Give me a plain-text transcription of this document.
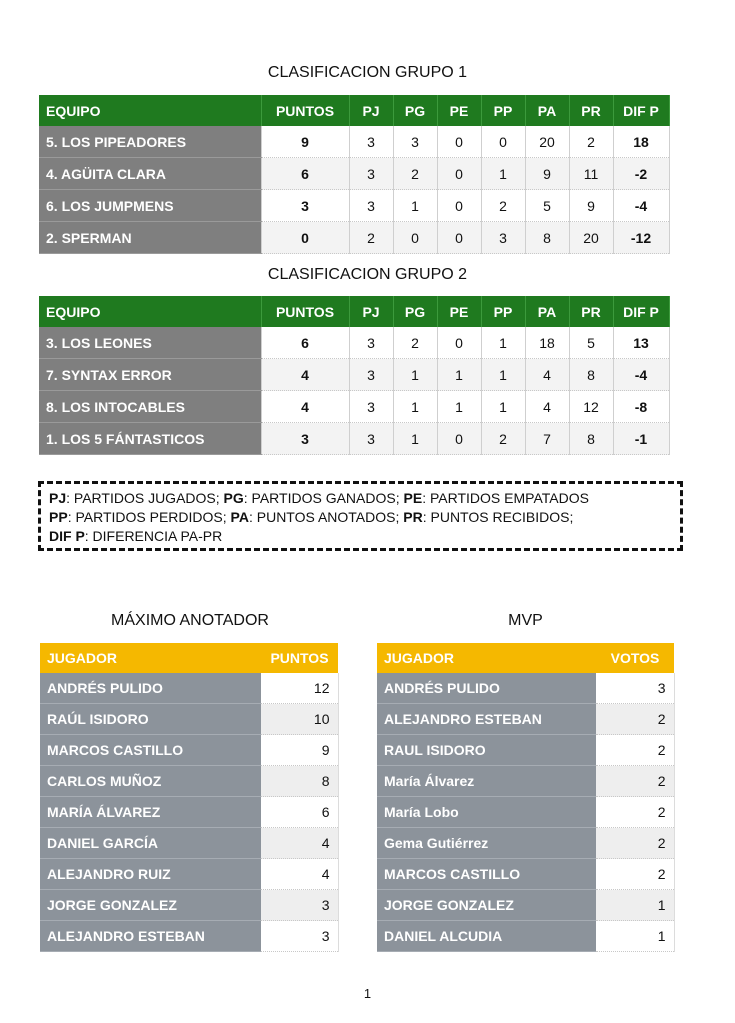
CLASIFICACION GRUPO 1
EQUIPO	PUNTOS	PJ	PG	PE	PP	PA	PR	DIF P
5. LOS PIPEADORES	9	3	3	0	0	20	2	18
4. AGÜITA CLARA	6	3	2	0	1	9	11	-2
6. LOS JUMPMENS	3	3	1	0	2	5	9	-4
2. SPERMAN	0	2	0	0	3	8	20	-12
CLASIFICACION GRUPO 2
EQUIPO	PUNTOS	PJ	PG	PE	PP	PA	PR	DIF P
3. LOS LEONES	6	3	2	0	1	18	5	13
7. SYNTAX ERROR	4	3	1	1	1	4	8	-4
8. LOS INTOCABLES	4	3	1	1	1	4	12	-8
1. LOS 5 FÁNTASTICOS	3	3	1	0	2	7	8	-1
PJ: PARTIDOS JUGADOS; PG: PARTIDOS GANADOS; PE: PARTIDOS EMPATADOS
PP: PARTIDOS PERDIDOS; PA: PUNTOS ANOTADOS; PR: PUNTOS RECIBIDOS;
DIF P: DIFERENCIA PA-PR
MÁXIMO ANOTADOR
JUGADOR	PUNTOS
ANDRÉS PULIDO	12
RAÚL ISIDORO	10
MARCOS CASTILLO	9
CARLOS MUÑOZ	8
MARÍA ÁLVAREZ	6
DANIEL GARCÍA	4
ALEJANDRO RUIZ	4
JORGE GONZALEZ	3
ALEJANDRO ESTEBAN	3
MVP
JUGADOR	VOTOS
ANDRÉS PULIDO	3
ALEJANDRO ESTEBAN	2
RAUL ISIDORO	2
María Álvarez	2
María Lobo	2
Gema Gutiérrez	2
MARCOS CASTILLO	2
JORGE GONZALEZ	1
DANIEL ALCUDIA	1
1
